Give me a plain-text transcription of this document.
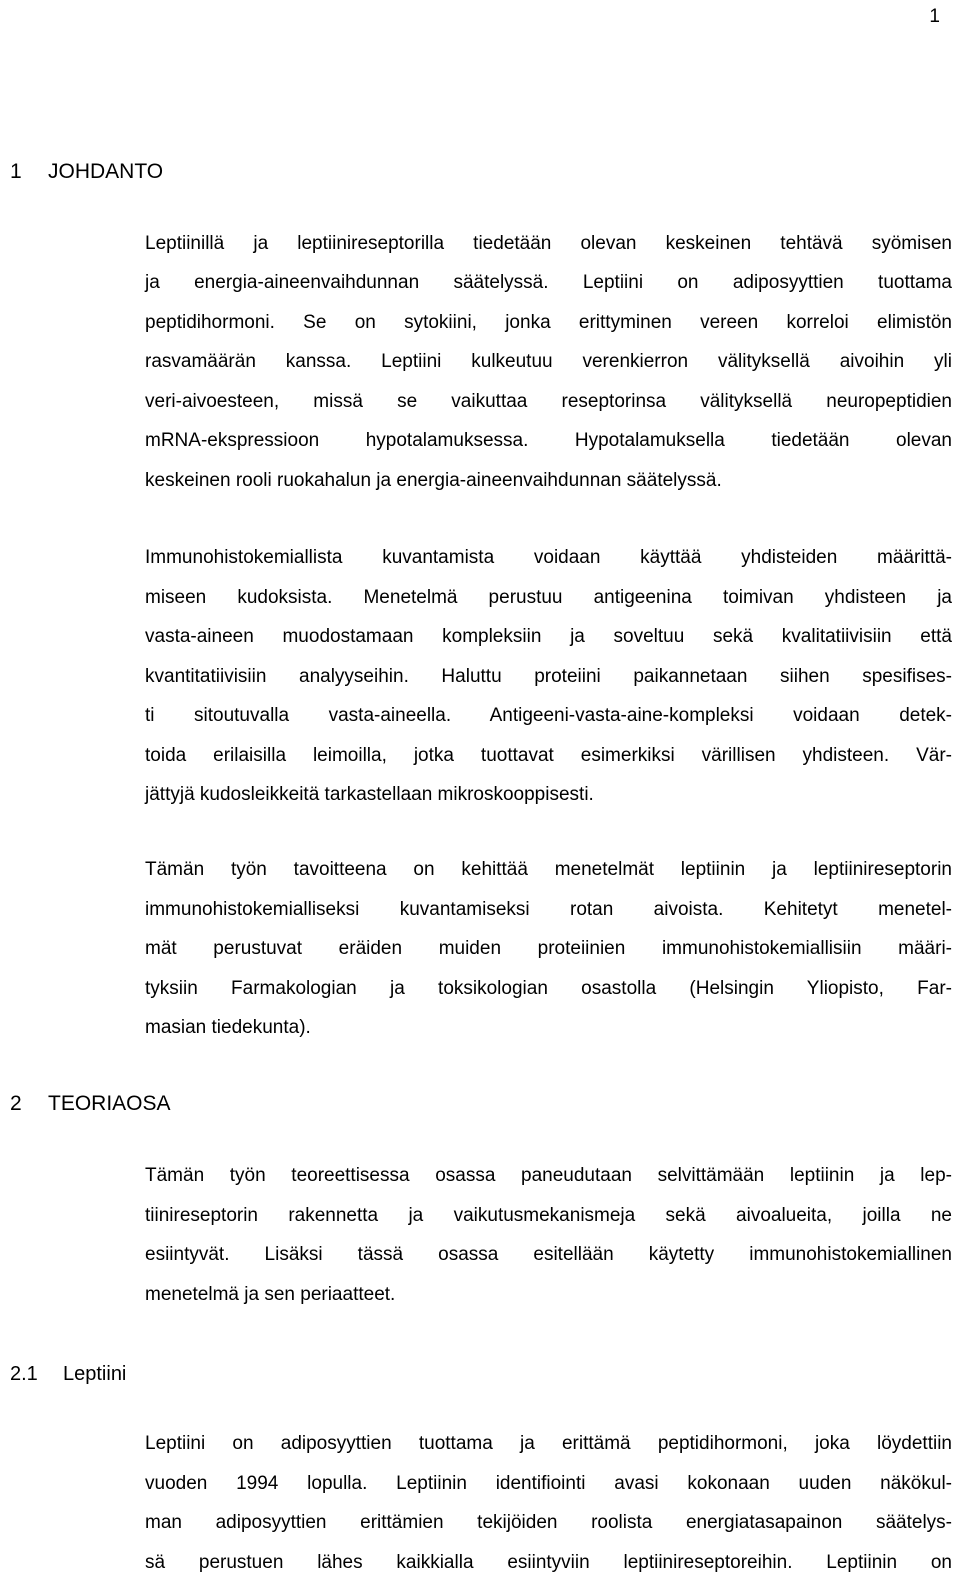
1
1 JOHDANTO
Leptiinillä ja leptiinireseptorilla tiedetään olevan keskeinen tehtävä syömisen
ja energia-aineenvaihdunnan säätelyssä. Leptiini on adiposyyttien tuottama
peptidihormoni. Se on sytokiini, jonka erittyminen vereen korreloi elimistön
rasvamäärän kanssa. Leptiini kulkeutuu verenkierron välityksellä aivoihin yli
veri-aivoesteen, missä se vaikuttaa reseptorinsa välityksellä neuropeptidien
mRNA-ekspressioon hypotalamuksessa. Hypotalamuksella tiedetään olevan
keskeinen rooli ruokahalun ja energia-aineenvaihdunnan säätelyssä.
Immunohistokemiallista kuvantamista voidaan käyttää yhdisteiden määrittä-
miseen kudoksista. Menetelmä perustuu antigeenina toimivan yhdisteen ja
vasta-aineen muodostamaan kompleksiin ja soveltuu sekä kvalitatiivisiin että
kvantitatiivisiin analyyseihin. Haluttu proteiini paikannetaan siihen spesifises-
ti sitoutuvalla vasta-aineella. Antigeeni-vasta-aine-kompleksi voidaan detek-
toida erilaisilla leimoilla, jotka tuottavat esimerkiksi värillisen yhdisteen. Vär-
jättyjä kudosleikkeitä tarkastellaan mikroskooppisesti.
Tämän työn tavoitteena on kehittää menetelmät leptiinin ja leptiinireseptorin
immunohistokemialliseksi kuvantamiseksi rotan aivoista. Kehitetyt menetel-
mät perustuvat eräiden muiden proteiinien immunohistokemiallisiin määri-
tyksiin Farmakologian ja toksikologian osastolla (Helsingin Yliopisto, Far-
masian tiedekunta).
2 TEORIAOSA
Tämän työn teoreettisessa osassa paneudutaan selvittämään leptiinin ja lep-
tiinireseptorin rakennetta ja vaikutusmekanismeja sekä aivoalueita, joilla ne
esiintyvät. Lisäksi tässä osassa esitellään käytetty immunohistokemiallinen
menetelmä ja sen periaatteet.
2.1 Leptiini
Leptiini on adiposyyttien tuottama ja erittämä peptidihormoni, joka löydettiin
vuoden 1994 lopulla. Leptiinin identifiointi avasi kokonaan uuden näkökul-
man adiposyyttien erittämien tekijöiden roolista energiatasapainon säätelys-
sä perustuen lähes kaikkialla esiintyviin leptiinireseptoreihin. Leptiinin on
